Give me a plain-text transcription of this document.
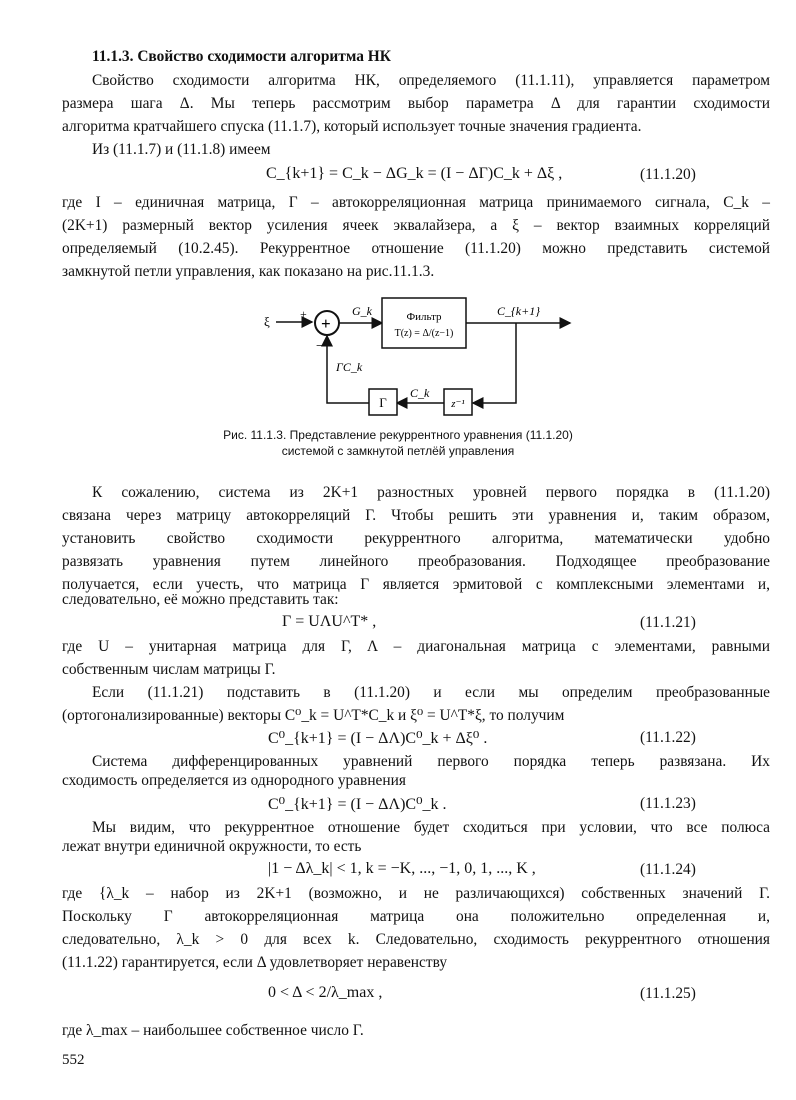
11.1.3. Свойство сходимости алгоритма НК
Свойство сходимости алгоритма НК, определяемого (11.1.11), управляется параметром
размера шага Δ. Мы теперь рассмотрим выбор параметра Δ для гарантии сходимости
алгоритма кратчайшего спуска (11.1.7), который использует точные значения градиента.
Из (11.1.7) и (11.1.8) имеем
C_{k+1} = C_k − ΔG_k = (I − ΔΓ)C_k + Δξ ,	(11.1.20)
где I – единичная матрица, Γ – автокорреляционная матрица принимаемого сигнала, C_k –
(2K+1) размерный вектор усиления ячеек эквалайзера, а ξ – вектор взаимных корреляций
определяемый (10.2.45). Рекуррентное отношение (11.1.20) можно представить системой
замкнутой петли управления, как показано на рис.11.1.3.
ξ	+ +
−
G_k	Фильтр
T(z) = Δ/(z−1)
C_{k+1}
z⁻¹
C_k
Γ
ΓC_k
Рис. 11.1.3. Представление рекуррентного уравнения (11.1.20)
системой с замкнутой петлёй управления
К сожалению, система из 2K+1 разностных уровней первого порядка в (11.1.20)
связана через матрицу автокорреляций Γ. Чтобы решить эти уравнения и, таким образом,
установить свойство сходимости рекуррентного алгоритма, математически удобно
развязать уравнения путем линейного преобразования. Подходящее преобразование
получается, если учесть, что матрица Γ является эрмитовой с комплексными элементами и,
следовательно, её можно представить так:
Γ = UΛU^T* ,	(11.1.21)
где U – унитарная матрица для Γ, Λ – диагональная матрица с элементами, равными
собственным числам матрицы Γ.
Если (11.1.21) подставить в (11.1.20) и если мы определим преобразованные
(ортогонализированные) векторы C⁰_k = U^T*C_k и ξ⁰ = U^T*ξ, то получим
C⁰_{k+1} = (I − ΔΛ)C⁰_k + Δξ⁰ .	(11.1.22)
Система дифференцированных уравнений первого порядка теперь развязана. Их
сходимость определяется из однородного уравнения
C⁰_{k+1} = (I − ΔΛ)C⁰_k .	(11.1.23)
Мы видим, что рекуррентное отношение будет сходиться при условии, что все полюса
лежат внутри единичной окружности, то есть
|1 − Δλ_k| < 1, k = −K, ..., −1, 0, 1, ..., K ,	(11.1.24)
где {λ_k – набор из 2K+1 (возможно, и не различающихся) собственных значений Γ.
Поскольку Γ автокорреляционная матрица она положительно определенная и,
следовательно, λ_k > 0 для всех k. Следовательно, сходимость рекуррентного отношения
(11.1.22) гарантируется, если Δ удовлетворяет неравенству
0 < Δ < 2/λ_max ,	(11.1.25)
где λ_max – наибольшее собственное число Γ.
552
